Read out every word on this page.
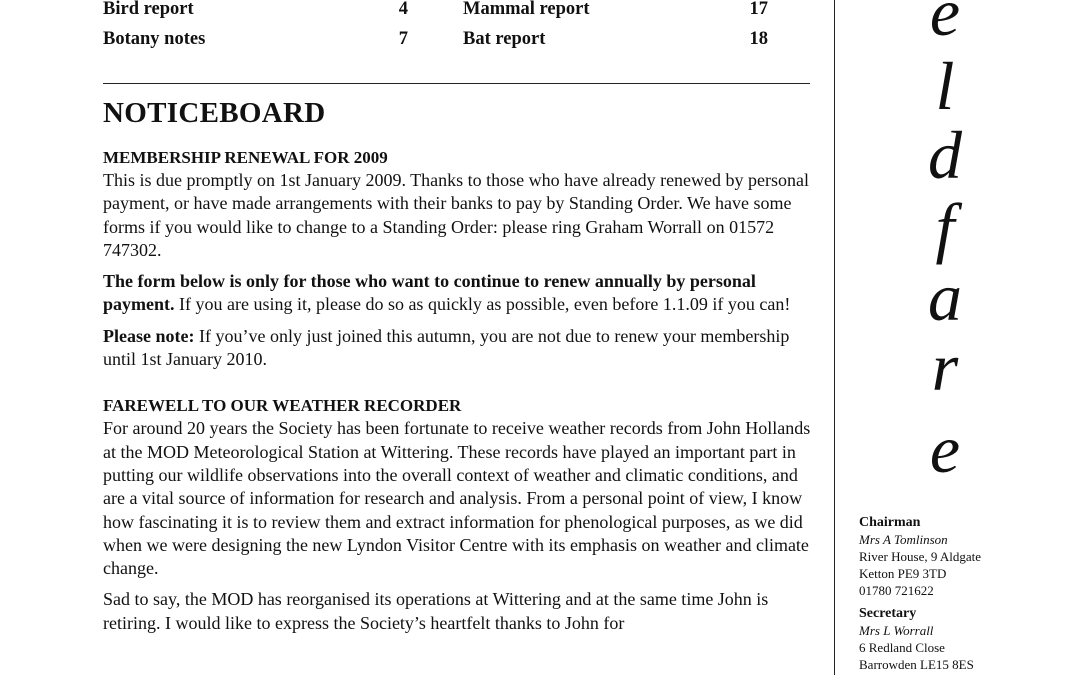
Bird report	4	Mammal report	17
Botany notes	7	Bat report	18
NOTICEBOARD
MEMBERSHIP RENEWAL FOR 2009

This is due promptly on 1st January 2009. Thanks to those who have already renewed by personal payment, or have made arrangements with their banks to pay by Standing Order. We have some forms if you would like to change to a Standing Order: please ring Graham Worrall on 01572 747302.

The form below is only for those who want to continue to renew annually by personal payment. If you are using it, please do so as quickly as possible, even before 1.1.09 if you can!

Please note: If you’ve only just joined this autumn, you are not due to renew your membership until 1st January 2010.

FAREWELL TO OUR WEATHER RECORDER

For around 20 years the Society has been fortunate to receive weather records from John Hollands at the MOD Meteorological Station at Wittering. These records have played an important part in putting our wildlife observations into the overall context of weather and climatic conditions, and are a vital source of information for research and analysis. From a personal point of view, I know how fascinating it is to review them and extract information for phenological purposes, as we did when we were designing the new Lyndon Visitor Centre with its emphasis on weather and climate change.

Sad to say, the MOD has reorganised its operations at Wittering and at the same time John is retiring. I would like to express the Society’s heartfelt thanks to John for

e
l
d
f
a
r
e
Chairman
Mrs A Tomlinson
River House, 9 Aldgate
Ketton PE9 3TD
01780 721622
Secretary
Mrs L Worrall
6 Redland Close
Barrowden LE15 8ES
